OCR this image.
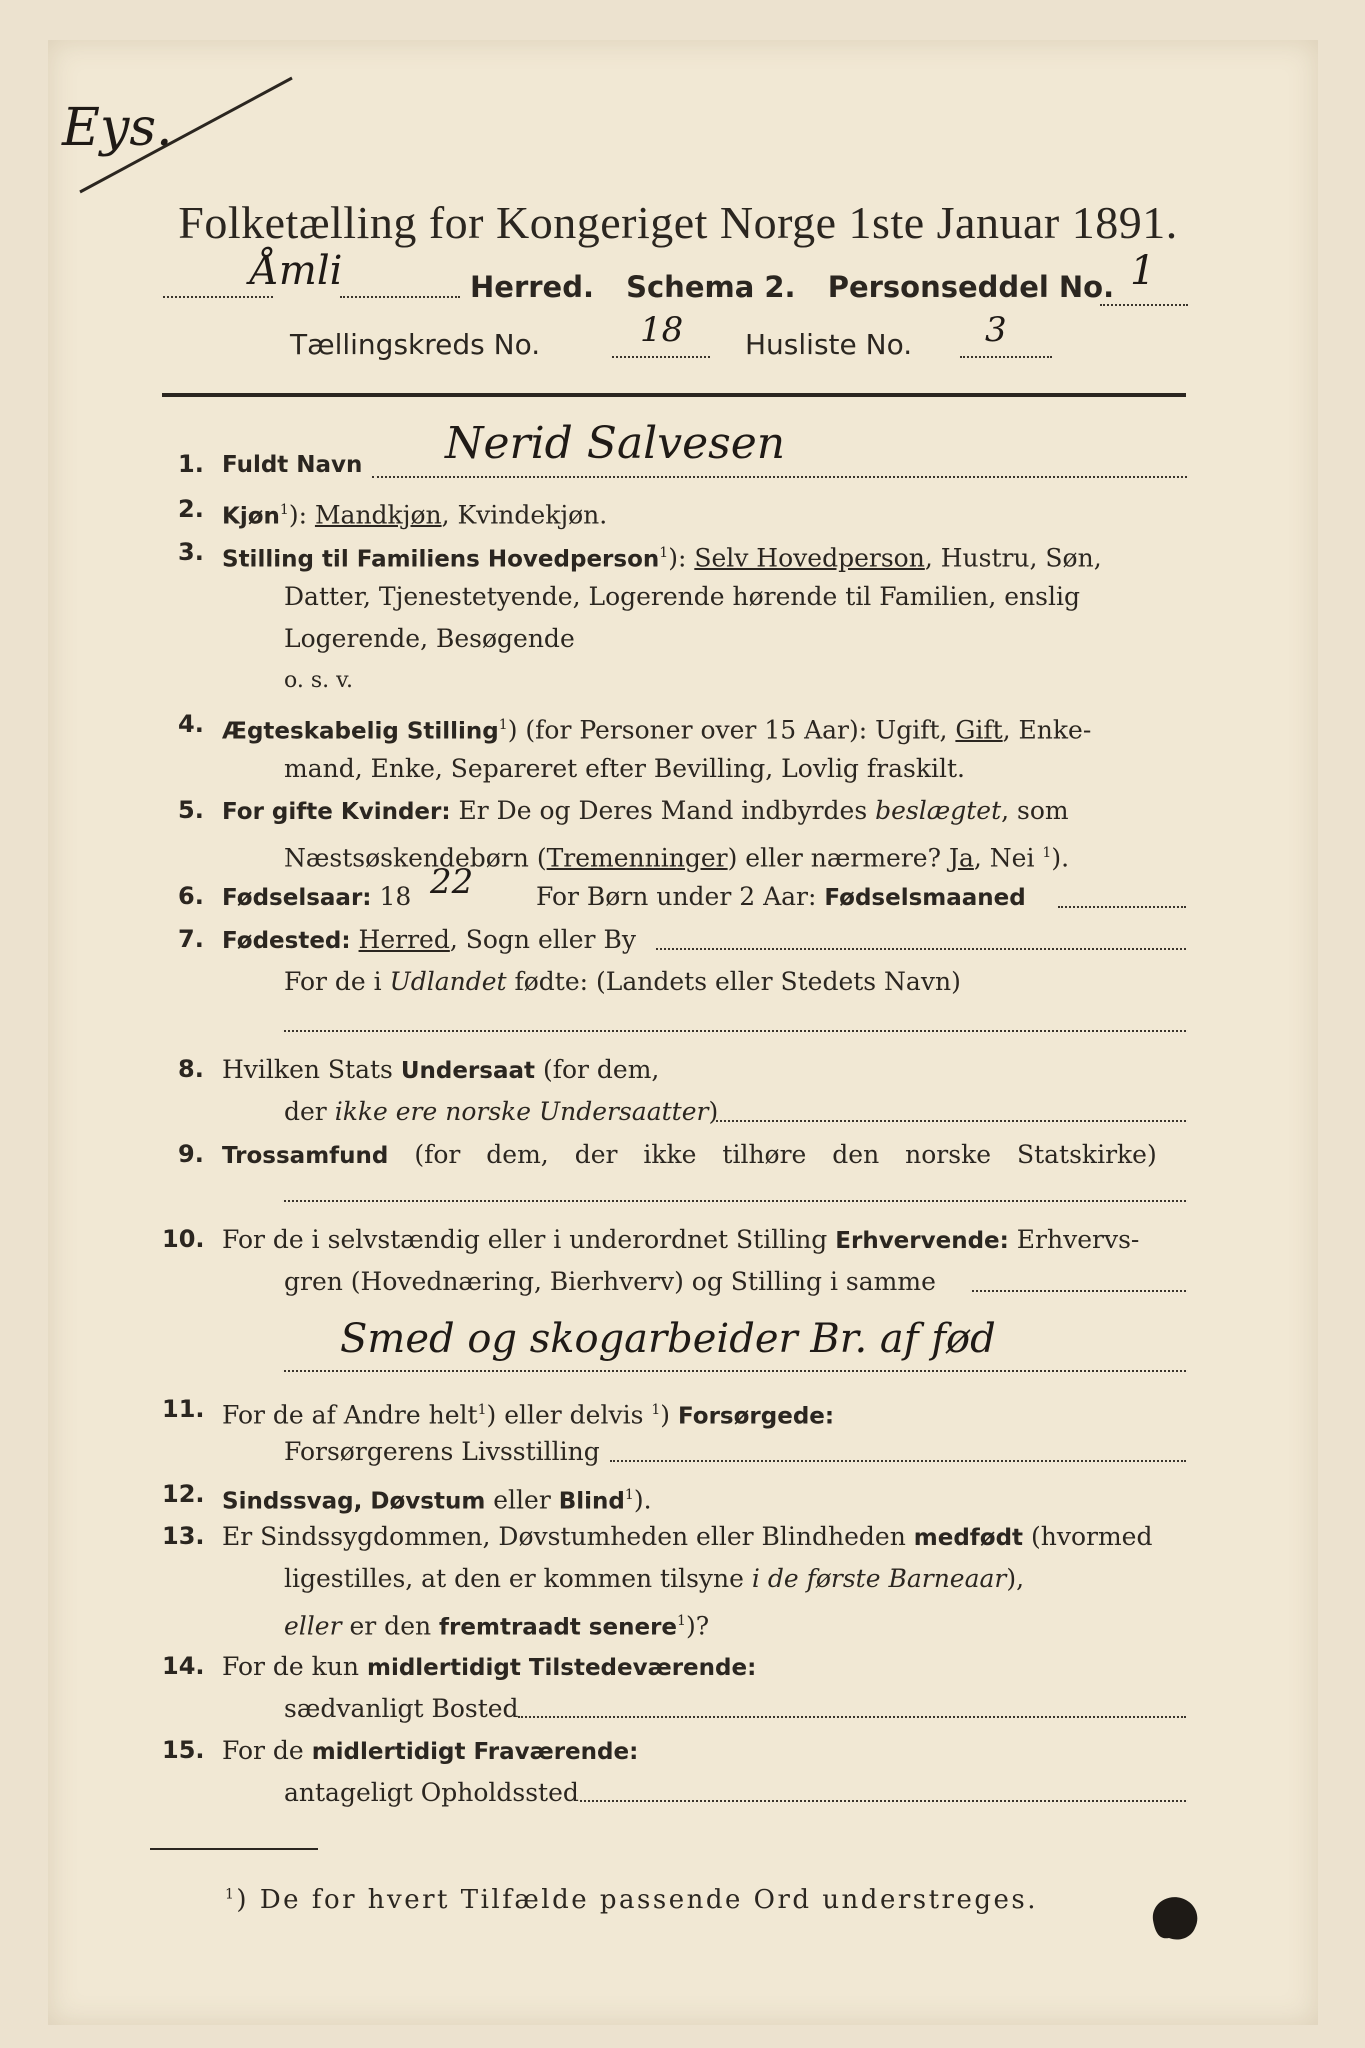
Eys.
Folketælling for Kongeriget Norge 1ste Januar 1891.
Åmli	Herred. Schema 2. Personseddel No. 1
Tællingskreds No.	18 Husliste No. 3
1. Fuldt Navn Nerid Salvesen
2. Kjøn$^1$): Mandkjøn, Kvindekjøn.
3. Stilling til Familiens Hovedperson$^1$): Selv Hovedperson, Hustru, Søn,
Datter, Tjenestetyende, Logerende hørende til Familien, enslig
Logerende, Besøgende
o. s. v.
4. Ægteskabelig Stilling$^1$) (for Personer over 15 Aar): Ugift, Gift, Enke-
mand, Enke, Separeret efter Bevilling, Lovlig fraskilt.
5. For gifte Kvinder: Er De og Deres Mand indbyrdes beslægtet, som
Næstsøskendebørn (Tremenninger) eller nærmere? Ja, Nei $^1$).
6. Fødselsaar: 18 22	For Børn under 2 Aar: Fødselsmaaned
7. Fødested: Herred, Sogn eller By
For de i Udlandet fødte: (Landets eller Stedets Navn)
8. Hvilken Stats Undersaat (for dem,
der ikke ere norske Undersaatter)
9. Trossamfund (for dem, der ikke tilhøre den norske Statskirke)
10. For de i selvstændig eller i underordnet Stilling Erhvervende: Erhvervs-
gren (Hovednæring, Bierhverv) og Stilling i samme
Smed og skogarbeider Br. af fød
11. For de af Andre helt$^1$) eller delvis $^1$) Forsørgede:
Forsørgerens Livsstilling
12. Sindssvag, Døvstum eller Blind$^1$).
13. Er Sindssygdommen, Døvstumheden eller Blindheden medfødt (hvormed
ligestilles, at den er kommen tilsyne i de første Barneaar),
eller er den fremtraadt senere$^1$)?
14. For de kun midlertidigt Tilstedeværende:
sædvanligt Bosted
15. For de midlertidigt Fraværende:
antageligt Opholdssted
$^1$) De for hvert Tilfælde passende Ord understreges.
